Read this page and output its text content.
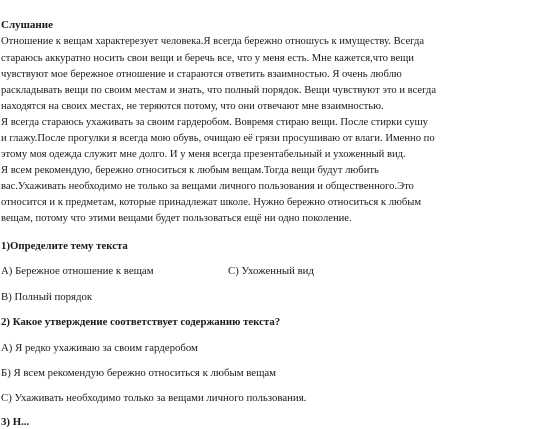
Слушание
Отношение к вещам характерезует человека.Я всегда бережно отношусь к имуществу. Всегда
стараюсь аккуратно носить свои вещи и беречь все, что у меня есть. Мне кажется,что вещи
чувствуют мое бережное отношение и стараются ответить взаимностью. Я очень люблю
раскладывать вещи по своим местам и знать, что полный порядок. Вещи чувствуют это и всегда
находятся на своих местах, не теряются потому, что они отвечают мне взаимностью.
Я всегда стараюсь ухаживать за своим гардеробом. Вовремя стираю вещи. После стирки сушу
и глажу.После прогулки я всегда мою обувь, очищаю её грязи просушиваю от влаги. Именно по
этому моя одежда служит мне долго. И у меня всегда презентабельный и ухоженный вид.
Я всем рекомендую, бережно относиться к любым вещам.Тогда вещи будут любить
вас.Ухаживать необходимо не только за вещами личного пользования и общественного.Это
относится и к предметам, которые принадлежат школе. Нужно бережно относиться к любым
вещам, потому что этими вещами будет пользоваться ещё ни одно поколение.
1)Определите тему текста
А) Бережное отношение к вещам	С) Ухоженный вид
В) Полный порядок
2) Какое утверждение соответствует содержанию текста?
А) Я редко ухаживаю за своим гардеробом
Б) Я всем рекомендую бережно относиться к любым вещам
С) Ухаживать необходимо только за вещами личного пользования.
3) Н...
